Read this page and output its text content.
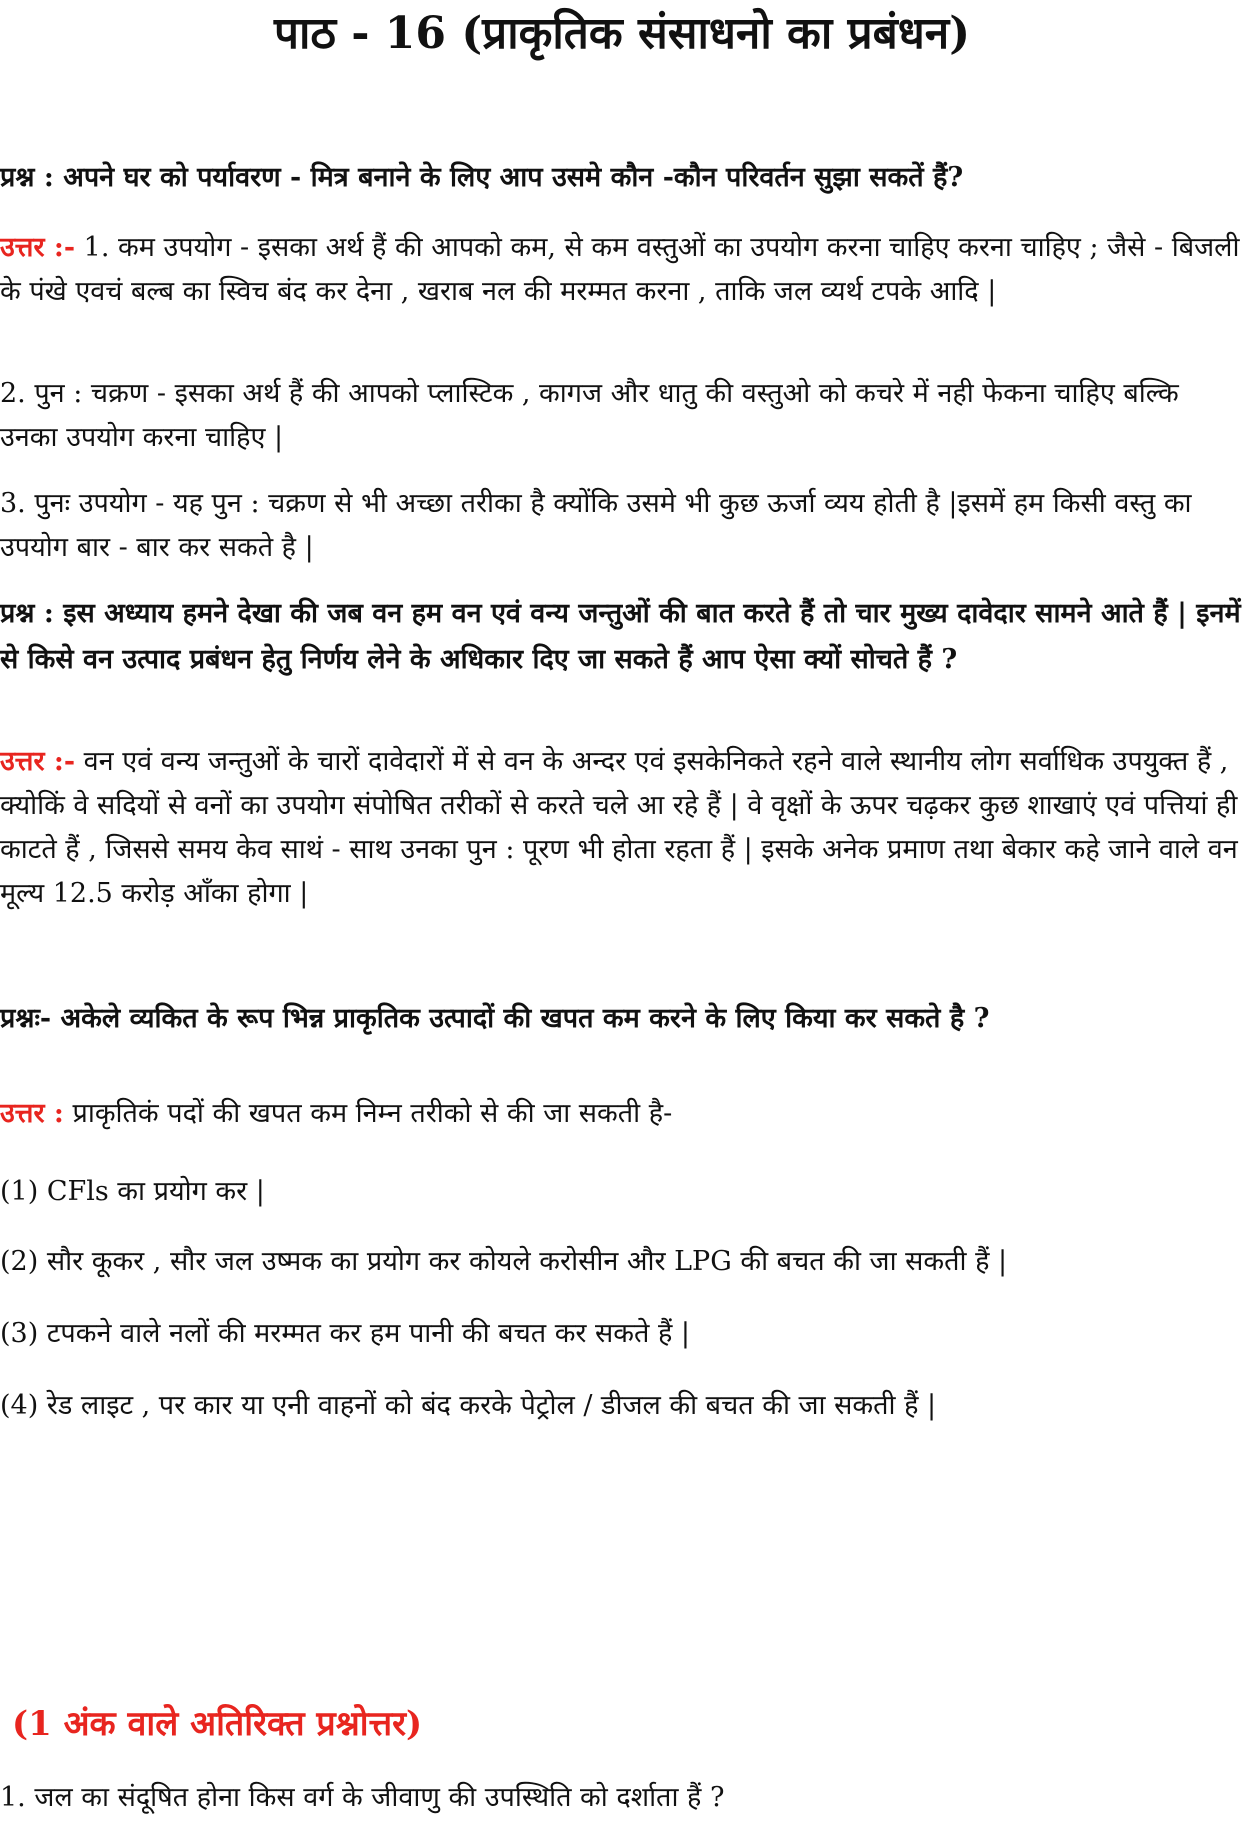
पाठ - 16 (प्राकृतिक संसाधनो का प्रबंधन)

प्रश्न : अपने घर को पर्यावरण - मित्र बनाने के लिए आप उसमे कौन -कौन परिवर्तन सुझा सकतें हैं?

उत्तर :- 1. कम उपयोग - इसका अर्थ हैं की आपको कम, से कम वस्तुओं का उपयोग करना चाहिए करना चाहिए ; जैसे - बिजली के पंखे एवचं बल्ब का स्विच बंद कर देना , खराब नल की मरम्मत करना , ताकि जल व्यर्थ टपके आदि |

2. पुन : चक्रण - इसका अर्थ हैं की आपको प्लास्टिक , कागज और धातु की वस्तुओ को कचरे में नही फेकना चाहिए बल्कि उनका उपयोग करना चाहिए |

3. पुनः उपयोग - यह पुन : चक्रण से भी अच्छा तरीका है क्योंकि उसमे भी कुछ ऊर्जा व्यय होती है |इसमें हम किसी वस्तु का उपयोग बार - बार कर सकते है |

प्रश्न : इस अध्याय हमने देखा की जब वन हम वन एवं वन्य जन्तुओं की बात करते हैं तो चार मुख्य दावेदार सामने आते हैं | इनमें से किसे वन उत्पाद प्रबंधन हेतु निर्णय लेने के अधिकार दिए जा सकते हैं आप ऐसा क्यों सोचते हैं ?

उत्तर :- वन एवं वन्य जन्तुओं के चारों दावेदारों में से वन के अन्दर एवं इसकेनिकते रहने वाले स्थानीय लोग सर्वाधिक उपयुक्त हैं , क्योकिं वे सदियों से वनों का उपयोग संपोषित तरीकों से करते चले आ रहे हैं | वे वृक्षों के ऊपर चढ़कर कुछ शाखाएं एवं पत्तियां ही काटते हैं , जिससे समय केव साथं - साथ उनका पुन : पूरण भी होता रहता हैं | इसके अनेक प्रमाण तथा बेकार कहे जाने वाले वन मूल्य 12.5 करोड़ आँका होगा |

प्रश्नः- अकेले व्यकित के रूप भिन्न प्राकृतिक उत्पादों की खपत कम करने के लिए किया कर सकते है ?

उत्तर : प्राकृतिकं पदों की खपत कम निम्न तरीको से की जा सकती है-

(1) CFls का प्रयोग कर |

(2) सौर कूकर , सौर जल उष्मक का प्रयोग कर कोयले करोसीन और LPG की बचत की जा सकती हैं |

(3) टपकने वाले नलों की मरम्मत कर हम पानी की बचत कर सकते हैं |

(4) रेड लाइट , पर कार या एनी वाहनों को बंद करके पेट्रोल / डीजल की बचत की जा सकती हैं |

(1 अंक वाले अतिरिक्त प्रश्नोत्तर)

1. जल का संदूषित होना किस वर्ग के जीवाणु की उपस्थिति को दर्शाता हैं ?
